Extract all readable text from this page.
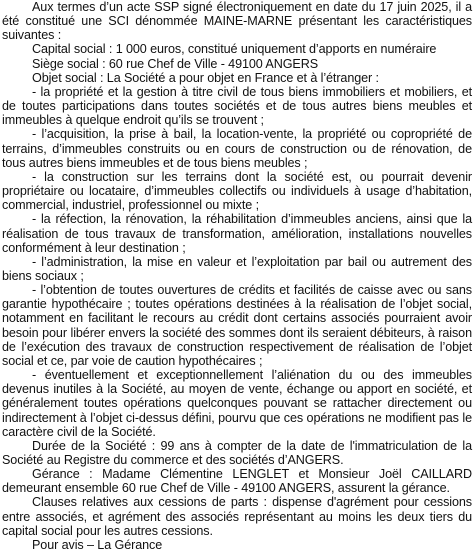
Aux termes d’un acte SSP signé électroniquement en date du 17 juin 2025, il a été constitué une SCI dénommée MAINE-MARNE présentant les caractéristiques suivantes :

Capital social : 1 000 euros, constitué uniquement d’apports en numéraire

Siège social : 60 rue Chef de Ville - 49100 ANGERS

Objet social : La Société a pour objet en France et à l’étranger :

- la propriété et la gestion à titre civil de tous biens immobiliers et mobiliers, et de toutes participations dans toutes sociétés et de tous autres biens meubles et immeubles à quelque endroit qu’ils se trouvent ;

- l’acquisition, la prise à bail, la location-vente, la propriété ou copropriété de terrains, d’immeubles construits ou en cours de construction ou de rénovation, de tous autres biens immeubles et de tous biens meubles ;

- la construction sur les terrains dont la société est, ou pourrait devenir propriétaire ou locataire, d’immeubles collectifs ou individuels à usage d’habitation, commercial, industriel, professionnel ou mixte ;

- la réfection, la rénovation, la réhabilitation d’immeubles anciens, ainsi que la réalisation de tous travaux de transformation, amélioration, installations nouvelles conformément à leur destination ;

- l’administration, la mise en valeur et l’exploitation par bail ou autrement des biens sociaux ;

- l’obtention de toutes ouvertures de crédits et facilités de caisse avec ou sans garantie hypothécaire ; toutes opérations destinées à la réalisation de l’objet social, notamment en facilitant le recours au crédit dont certains associés pourraient avoir besoin pour libérer envers la société des sommes dont ils seraient débiteurs, à raison de l’exécution des travaux de construction respectivement de réalisation de l’objet social et ce, par voie de caution hypothécaires ;

- éventuellement et exceptionnellement l’aliénation du ou des immeubles devenus inutiles à la Société, au moyen de vente, échange ou apport en société, et généralement toutes opérations quelconques pouvant se rattacher directement ou indirectement à l’objet ci-dessus défini, pourvu que ces opérations ne modifient pas le caractère civil de la Société.

Durée de la Société : 99 ans à compter de la date de l'immatriculation de la Société au Registre du commerce et des sociétés d’ANGERS.

Gérance : Madame Clémentine LENGLET et Monsieur Joël CAILLARD demeurant ensemble 60 rue Chef de Ville - 49100 ANGERS, assurent la gérance.

Clauses relatives aux cessions de parts : dispense d'agrément pour cessions entre associés, et agrément des associés représentant au moins les deux tiers du capital social pour les autres cessions.

Pour avis – La Gérance
